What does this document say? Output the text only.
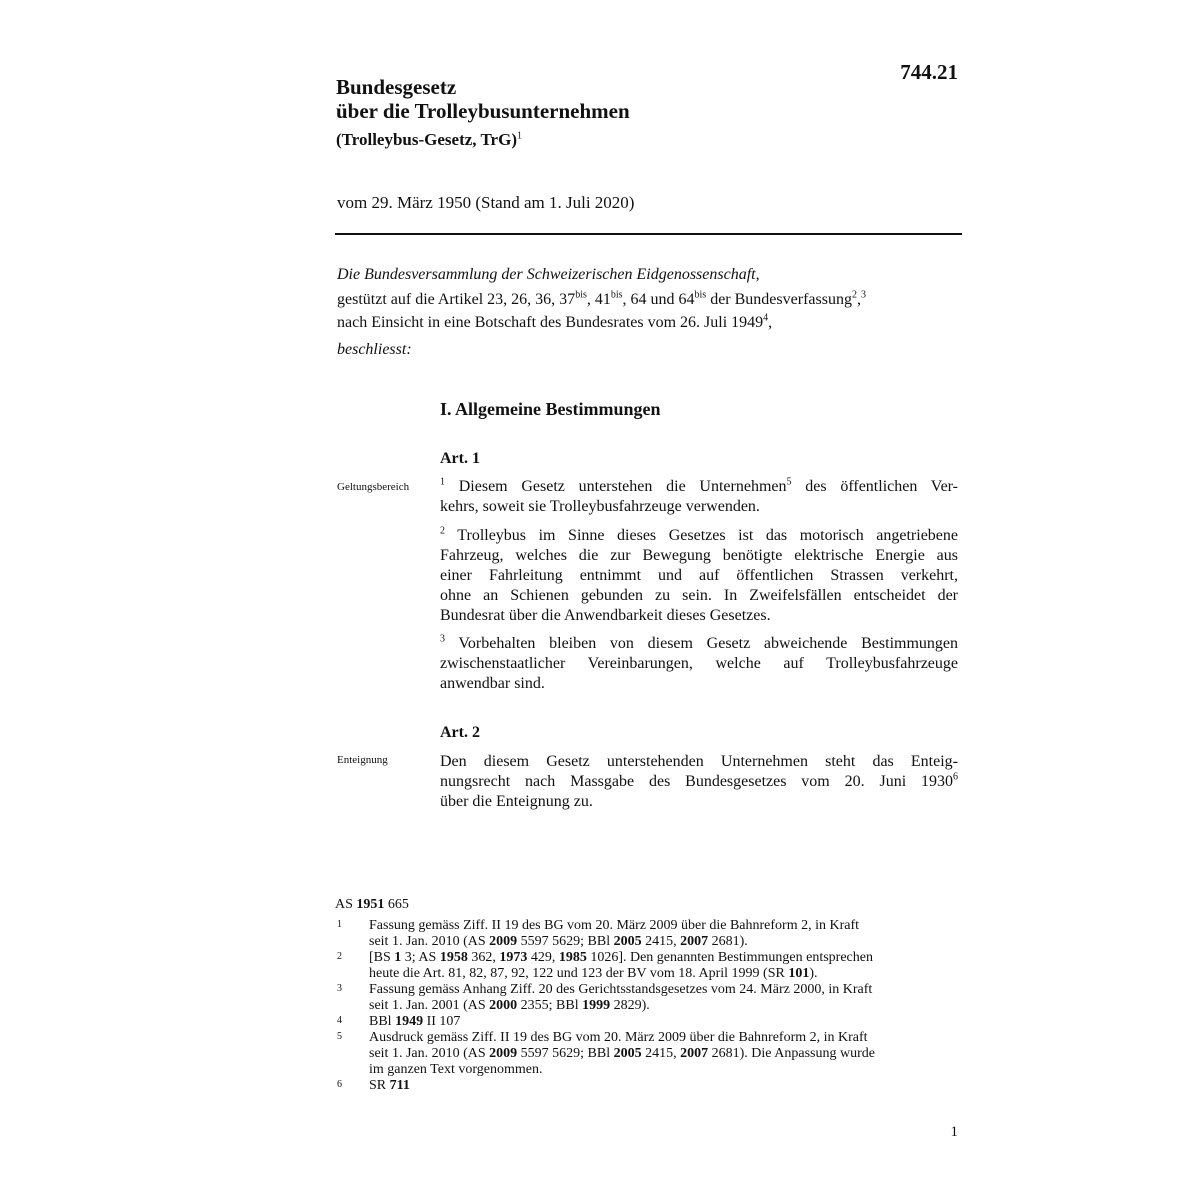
744.21
Bundesgesetz
über die Trolleybusunternehmen
(Trolleybus-Gesetz, TrG)$^1$
vom 29. März 1950 (Stand am 1. Juli 2020)
Die Bundesversammlung der Schweizerischen Eidgenossenschaft,
gestützt auf die Artikel 23, 26, 36, $37^{bis}$, $41^{bis}$, 64 und $64^{bis}$ der Bundesverfassung$^2$,$^3$
nach Einsicht in eine Botschaft des Bundesrates vom 26. Juli 1949$^4$,
beschliesst:
I. Allgemeine Bestimmungen
Art. 1
Geltungsbereich	$^1$ Diesem Gesetz unterstehen die Unternehmen$^5$ des öffentlichen Ver-
kehrs, soweit sie Trolleybusfahrzeuge verwenden.
$^2$ Trolleybus im Sinne dieses Gesetzes ist das motorisch angetriebene
Fahrzeug, welches die zur Bewegung benötigte elektrische Energie aus
einer Fahrleitung entnimmt und auf öffentlichen Strassen verkehrt,
ohne an Schienen gebunden zu sein. In Zweifelsfällen entscheidet der
Bundesrat über die Anwendbarkeit dieses Gesetzes.
$^3$ Vorbehalten bleiben von diesem Gesetz abweichende Bestimmungen
zwischenstaatlicher Vereinbarungen, welche auf Trolleybusfahrzeuge
anwendbar sind.
Art. 2
Enteignung	Den diesem Gesetz unterstehenden Unternehmen steht das Enteig-
nungsrecht nach Massgabe des Bundesgesetzes vom 20. Juni 1930$^6$
über die Enteignung zu.
AS 1951 665
1	Fassung gemäss Ziff. II 19 des BG vom 20. März 2009 über die Bahnreform 2, in Kraft
seit 1. Jan. 2010 (AS 2009 5597 5629; BBl 2005 2415, 2007 2681).
2	[BS 1 3; AS 1958 362, 1973 429, 1985 1026]. Den genannten Bestimmungen entsprechen
heute die Art. 81, 82, 87, 92, 122 und 123 der BV vom 18. April 1999 (SR 101).
3	Fassung gemäss Anhang Ziff. 20 des Gerichtsstandsgesetzes vom 24. März 2000, in Kraft
seit 1. Jan. 2001 (AS 2000 2355; BBl 1999 2829).
4	BBl 1949 II 107
5	Ausdruck gemäss Ziff. II 19 des BG vom 20. März 2009 über die Bahnreform 2, in Kraft
seit 1. Jan. 2010 (AS 2009 5597 5629; BBl 2005 2415, 2007 2681). Die Anpassung wurde
im ganzen Text vorgenommen.
6	SR 711
1
